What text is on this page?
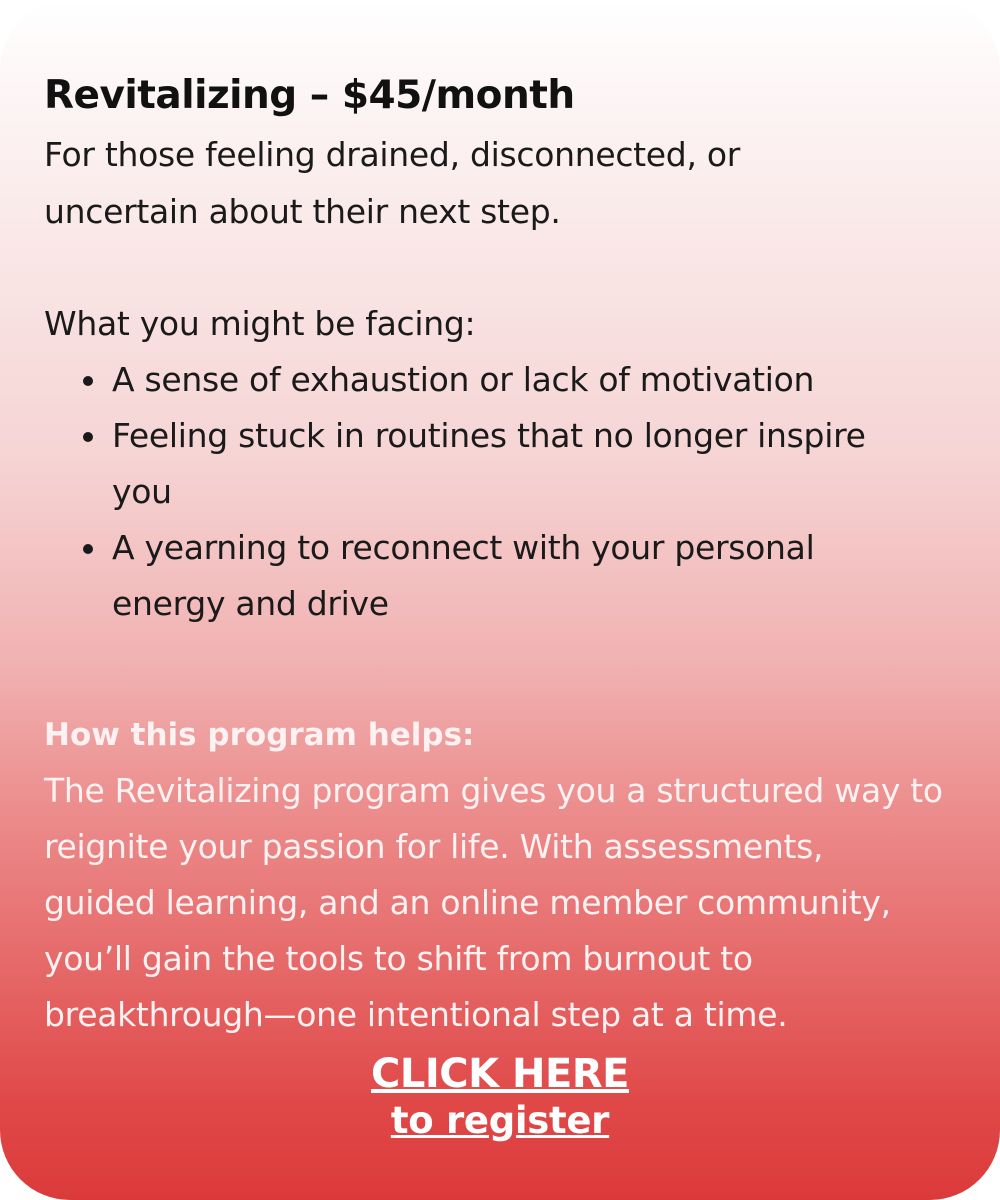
Revitalizing – $45/month

For those feeling drained, disconnected, or uncertain about their next step.

What you might be facing:

A sense of exhaustion or lack of motivation
Feeling stuck in routines that no longer inspire you
A yearning to reconnect with your personal energy and drive

How this program helps:

The Revitalizing program gives you a structured way to reignite your passion for life. With assessments, guided learning, and an online member community, you’ll gain the tools to shift from burnout to breakthrough—one intentional step at a time.

CLICK HERE
to register
